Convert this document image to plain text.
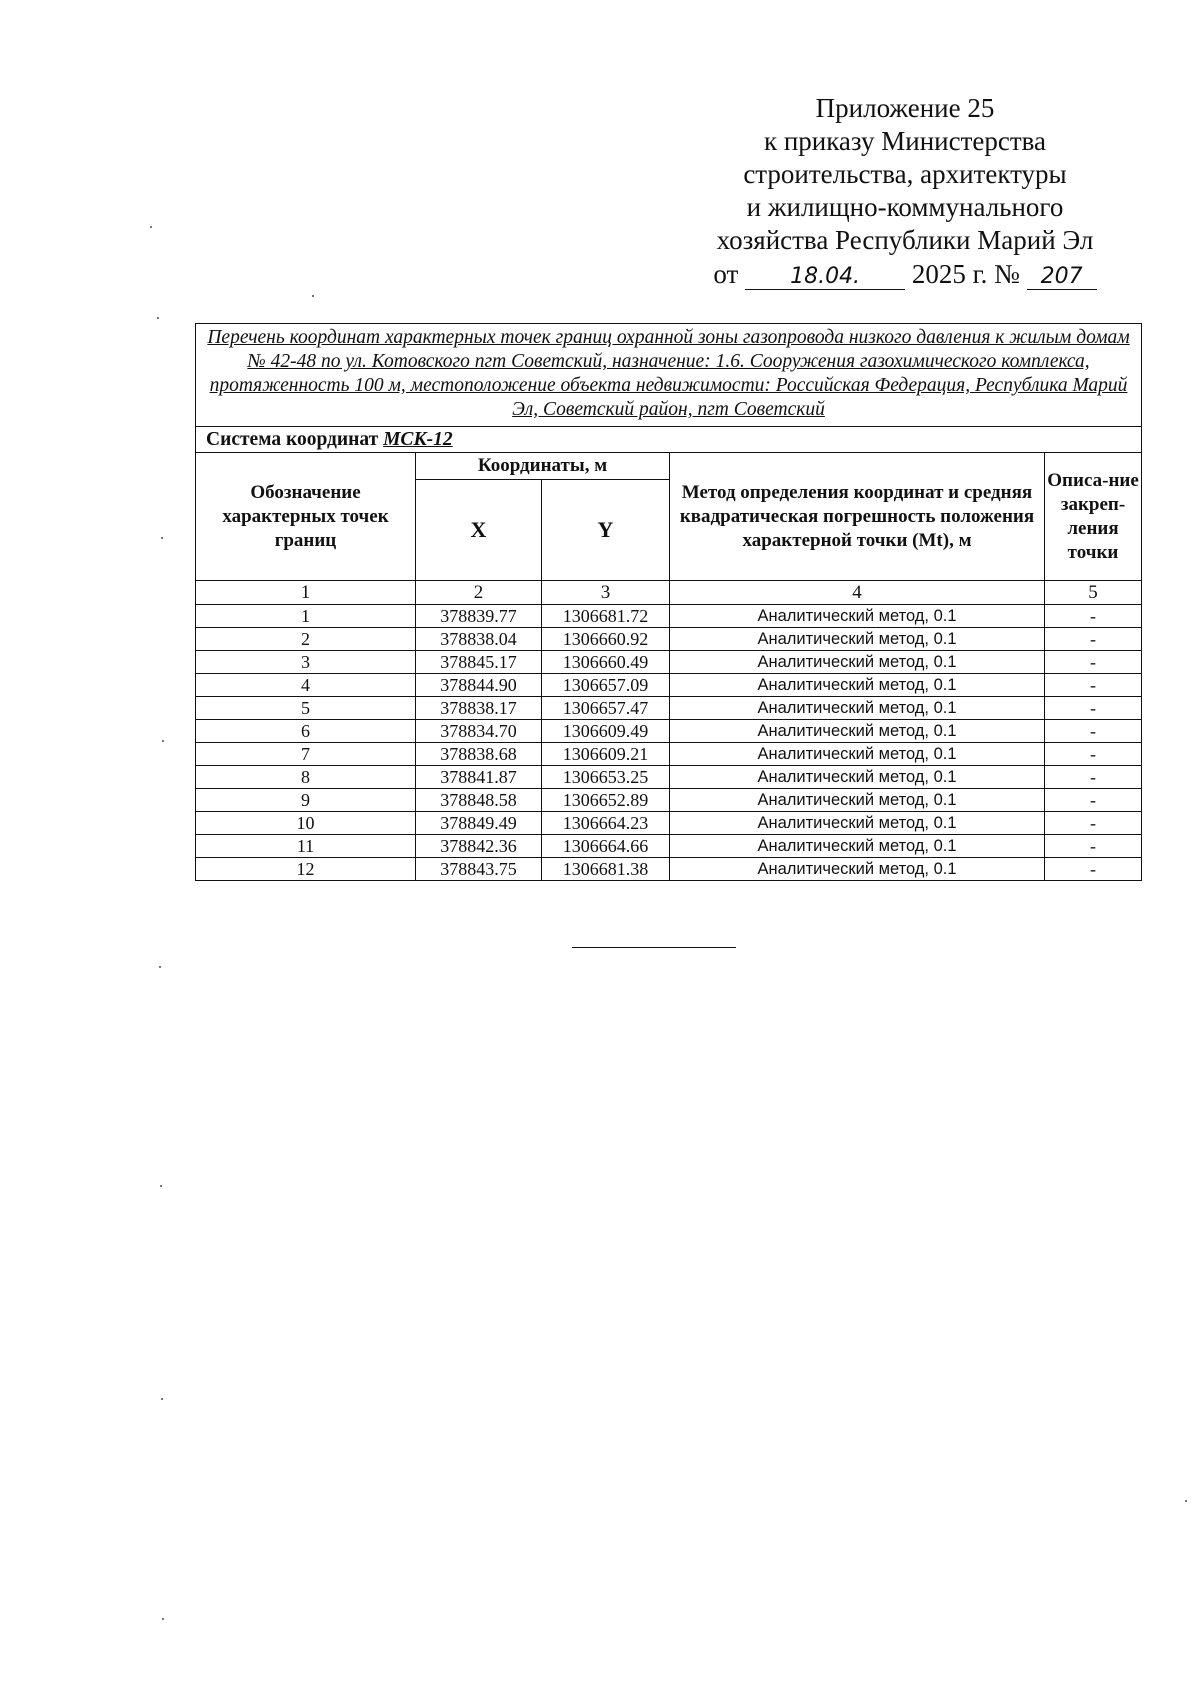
Приложение 25
к приказу Министерства
строительства, архитектуры
и жилищно-коммунального
хозяйства Республики Марий Эл
от 18.04. 2025 г. № 207
Перечень координат характерных точек границ охранной зоны газопровода низкого давления к жилым домам № 42-48 по ул. Котовского пгт Советский, назначение: 1.6. Сооружения газохимического комплекса, протяженность 100 м, местоположение объекта недвижимости: Российская Федерация, Республика Марий Эл, Советский район, пгт Советский				
Система координат МСК-12				
Обозначение характерных точек границ	Координаты, м		Метод определения координат и средняя квадратическая погрешность положения характерной точки (Mt), м	Описа-ние закреп-ления точки
	X	Y		
1	2	3	4	5
1	378839.77	1306681.72	Аналитический метод, 0.1	-
2	378838.04	1306660.92	Аналитический метод, 0.1	-
3	378845.17	1306660.49	Аналитический метод, 0.1	-
4	378844.90	1306657.09	Аналитический метод, 0.1	-
5	378838.17	1306657.47	Аналитический метод, 0.1	-
6	378834.70	1306609.49	Аналитический метод, 0.1	-
7	378838.68	1306609.21	Аналитический метод, 0.1	-
8	378841.87	1306653.25	Аналитический метод, 0.1	-
9	378848.58	1306652.89	Аналитический метод, 0.1	-
10	378849.49	1306664.23	Аналитический метод, 0.1	-
11	378842.36	1306664.66	Аналитический метод, 0.1	-
12	378843.75	1306681.38	Аналитический метод, 0.1	-
